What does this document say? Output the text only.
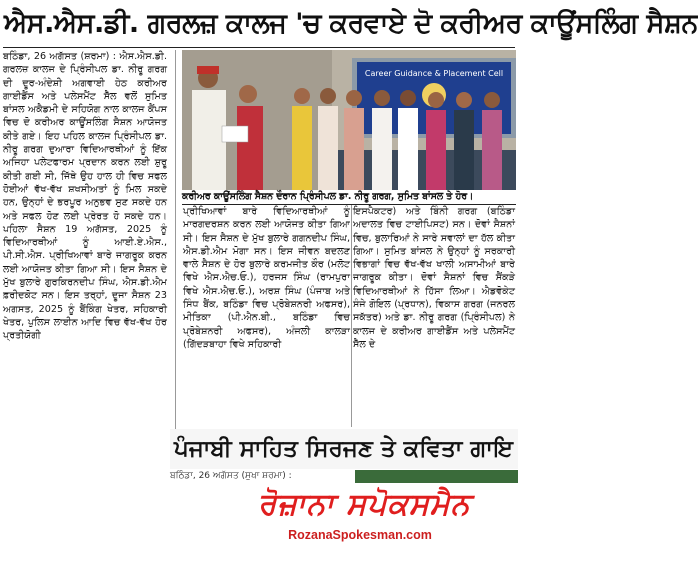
ਐਸ.ਐਸ.ਡੀ. ਗਰਲਜ਼ ਕਾਲਜ 'ਚ ਕਰਵਾਏ ਦੋ ਕਰੀਅਰ ਕਾਊਂਸਲਿੰਗ ਸੈਸ਼ਨ

ਬਠਿੰਡਾ, 26 ਅਗੱਸਤ (ਸ਼ਰਮਾ) : ਐਸ.ਐਸ.ਡੀ. ਗਰਲਜ਼ ਕਾਲਜ ਦੇ ਪ੍ਰਿੰਸੀਪਲ ਡਾ. ਨੀਰੂ ਗਰਗ ਦੀ ਦੂਰ-ਅੰਦੇਸ਼ੀ ਅਗਵਾਈ ਹੇਠ ਕਰੀਅਰ ਗਾਈਡੈਂਸ ਅਤੇ ਪਲੇਸਮੈਂਟ ਸੈੱਲ ਵਲੋਂ ਸੁਮਿਤ ਬਾਂਸਲ ਅਕੈਡਮੀ ਦੇ ਸਹਿਯੋਗ ਨਾਲ ਕਾਲਜ ਕੈਂਪਸ ਵਿਚ ਦੋ ਕਰੀਅਰ ਕਾਊਂਸਲਿੰਗ ਸੈਸ਼ਨ ਆਯੋਜਤ ਕੀਤੇ ਗਏ। ਇਹ ਪਹਿਲ ਕਾਲਜ ਪ੍ਰਿੰਸੀਪਲ ਡਾ. ਨੀਰੂ ਗਰਗ ਦੁਆਰਾ ਵਿਦਿਆਰਥੀਆਂ ਨੂੰ ਇੱਕ ਅਜਿਹਾ ਪਲੇਟਫਾਰਮ ਪ੍ਰਦਾਨ ਕਰਨ ਲਈ ਸ਼ੁਰੂ ਕੀਤੀ ਗਈ ਸੀ, ਜਿੱਥੇ ਉਹ ਹਾਲ ਹੀ ਵਿਚ ਸਫਲ ਹੋਈਆਂ ਵੱਖ-ਵੱਖ ਸ਼ਖਸੀਅਤਾਂ ਨੂੰ ਮਿਲ ਸਕਦੇ ਹਨ, ਉਨ੍ਹਾਂ ਦੇ ਭਰਪੂਰ ਅਨੁਭਵ ਸੁਣ ਸਕਦੇ ਹਨ ਅਤੇ ਸਫਲ ਹੋਣ ਲਈ ਪ੍ਰੇਰਤ ਹੋ ਸਕਦੇ ਹਨ। ਪਹਿਲਾ ਸੈਸ਼ਨ 19 ਅਗੱਸਤ, 2025 ਨੂੰ ਵਿਦਿਆਰਥੀਆਂ ਨੂੰ ਆਈ.ਏ.ਐਸ., ਪੀ.ਸੀ.ਐਸ. ਪ੍ਰੀਖਿਆਵਾਂ ਬਾਰੇ ਜਾਗਰੂਕ ਕਰਨ ਲਈ ਆਯੋਜਤ ਕੀਤਾ ਗਿਆ ਸੀ। ਇਸ ਸੈਸ਼ਨ ਦੇ ਮੁੱਖ ਬੁਲਾਰੇ ਗੁਰਕਿਰਨਦੀਪ ਸਿੰਘ, ਐਸ.ਡੀ.ਐਮ ਫ਼ਰੀਦਕੋਟ ਸਨ। ਇਸ ਤਰ੍ਹਾਂ, ਦੂਜਾ ਸੈਸ਼ਨ 23 ਅਗਸਤ, 2025 ਨੂੰ ਬੈਂਕਿੰਗ ਖੇਤਰ, ਸਹਿਕਾਰੀ ਖੇਤਰ, ਪੁਲਿਸ ਲਾਈਨ ਆਦਿ ਵਿਚ ਵੱਖ-ਵੱਖ ਹੋਰ ਪ੍ਰਤੀਯੋਗੀ

Career Guidance & Placement Cell
ਕਰੀਅਰ ਕਾਊਂਸਲਿੰਗ ਸੈਸ਼ਨ ਦੌਰਾਨ ਪ੍ਰਿੰਸੀਪਲ ਡਾ. ਨੀਰੂ ਗਰਗ, ਸੁਮਿਤ ਬਾਂਸਲ ਤੇ ਹੋਰ।

ਪ੍ਰੀਖਿਆਵਾਂ ਬਾਰੇ ਵਿਦਿਆਰਥੀਆਂ ਨੂੰ ਮਾਰਗਦਰਸ਼ਨ ਕਰਨ ਲਈ ਆਯੋਜਤ ਕੀਤਾ ਗਿਆ ਸੀ। ਇਸ ਸੈਸ਼ਨ ਦੇ ਮੁੱਖ ਬੁਲਾਰੇ ਗਗਨਦੀਪ ਸਿੰਘ, ਐਸ.ਡੀ.ਐਮ ਮੋਗਾ ਸਨ। ਇਸ ਜੀਵਨ ਬਦਲਣ ਵਾਲੇ ਸੈਸ਼ਨ ਦੇ ਹੋਰ ਬੁਲਾਰੇ ਕਰਮਜੀਤ ਕੌਰ (ਮਲੋਟ ਵਿਖੇ ਐਸ.ਐਚ.ਓ.), ਹਰਜਸ ਸਿੰਘ (ਰਾਮਪੁਰਾ ਵਿਖੇ ਐਸ.ਐਚ.ਓ.), ਅਰਸ਼ ਸਿੰਘ (ਪੰਜਾਬ ਅਤੇ ਸਿੰਧ ਬੈਂਕ, ਬਠਿੰਡਾ ਵਿਚ ਪ੍ਰੋਬੇਸ਼ਨਰੀ ਅਫਸਰ), ਮੀਤਿਕਾ (ਪੀ.ਐਨ.ਬੀ., ਬਠਿੰਡਾ ਵਿਚ ਪ੍ਰੋਬੇਸ਼ਨਰੀ ਅਫਸਰ), ਅੰਜਲੀ ਕਾਲੜਾ (ਗਿੱਦੜਬਾਹਾ ਵਿਖੇ ਸਹਿਕਾਰੀ

ਇਸਪੈਕਟਰ) ਅਤੇ ਬਿੰਨੀ ਗਰਗ (ਬਠਿੰਡਾ ਅਦਾਲਤ ਵਿਚ ਟਾਈਪਿਸਟ) ਸਨ। ਦੋਵਾਂ ਸੈਸ਼ਨਾਂ ਵਿਚ, ਬੁਲਾਰਿਆਂ ਨੇ ਸਾਰੇ ਸਵਾਲਾਂ ਦਾ ਹੱਲ ਕੀਤਾ ਗਿਆ। ਸੁਮਿਤ ਬਾਂਸਲ ਨੇ ਉਨ੍ਹਾਂ ਨੂੰ ਸਰਕਾਰੀ ਵਿਭਾਗਾਂ ਵਿਚ ਵੱਖ-ਵੱਖ ਖਾਲੀ ਅਸਾਮੀਆਂ ਬਾਰੇ ਜਾਗਰੂਕ ਕੀਤਾ। ਦੋਵਾਂ ਸੈਸ਼ਨਾਂ ਵਿਚ ਸੈਂਕੜੇ ਵਿਦਿਆਰਥੀਆਂ ਨੇ ਹਿੱਸਾ ਲਿਆ। ਐਡਵੋਕੇਟ ਸੰਜੇ ਗੋਇਲ (ਪ੍ਰਧਾਨ), ਵਿਕਾਸ ਗਰਗ (ਜਨਰਲ ਸਕੱਤਰ) ਅਤੇ ਡਾ. ਨੀਰੂ ਗਰਗ (ਪ੍ਰਿੰਸੀਪਲ) ਨੇ ਕਾਲਜ ਦੇ ਕਰੀਅਰ ਗਾਈਡੈਂਸ ਅਤੇ ਪਲੇਸਮੈਂਟ ਸੈੱਲ ਦੇ

ਪੰਜਾਬੀ ਸਾਹਿਤ ਸਿਰਜਣ ਤੇ ਕਵਿਤਾ ਗਾਇ
ਬਠਿੰਡਾ, 26 ਅਗੱਸਤ (ਸੁਖਾ ਸ਼ਰਮਾ) :
ਰੋਜ਼ਾਨਾ ਸਪੋਕਸਮੈਨ
RozanaSpokesman.com
